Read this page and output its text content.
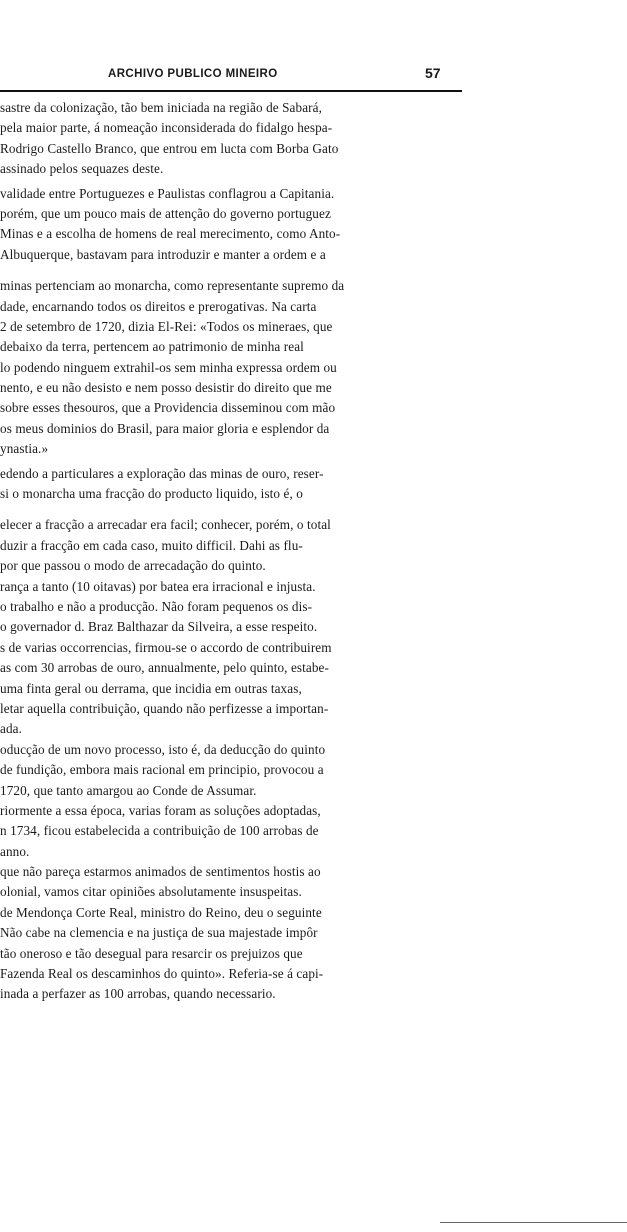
ARCHIVO PUBLICO MINEIRO	57
sastre da colonização, tão bem iniciada na região de Sabará,
pela maior parte, á nomeação inconsiderada do fidalgo hespa-
Rodrigo Castello Branco, que entrou em lucta com Borba Gato
assinado pelos sequazes deste.
validade entre Portuguezes e Paulistas conflagrou a Capitania.
porém, que um pouco mais de attenção do governo portuguez
Minas e a escolha de homens de real merecimento, como Anto-
Albuquerque, bastavam para introduzir e manter a ordem e a
minas pertenciam ao monarcha, como representante supremo da
dade, encarnando todos os direitos e prerogativas. Na carta
2 de setembro de 1720, dizia El-Rei: «Todos os mineraes, que
debaixo da terra, pertencem ao patrimonio de minha real
lo podendo ninguem extrahil-os sem minha expressa ordem ou
nento, e eu não desisto e nem posso desistir do direito que me
sobre esses thesouros, que a Providencia disseminou com mão
os meus dominios do Brasil, para maior gloria e esplendor da
ynastia.»
edendo a particulares a exploração das minas de ouro, reser-
si o monarcha uma fracção do producto liquido, isto é, o
elecer a fracção a arrecadar era facil; conhecer, porém, o total
duzir a fracção em cada caso, muito difficil. Dahi as flu-
por que passou o modo de arrecadação do quinto.
rança a tanto (10 oitavas) por batea era irracional e injusta.
o trabalho e não a producção. Não foram pequenos os dis-
o governador d. Braz Balthazar da Silveira, a esse respeito.
s de varias occorrencias, firmou-se o accordo de contribuirem
as com 30 arrobas de ouro, annualmente, pelo quinto, estabe-
uma finta geral ou derrama, que incidia em outras taxas,
letar aquella contribuição, quando não perfizesse a importan-
ada.
oducção de um novo processo, isto é, da deducção do quinto
de fundição, embora mais racional em principio, provocou a
1720, que tanto amargou ao Conde de Assumar.
riormente a essa época, varias foram as soluções adoptadas,
n 1734, ficou estabelecida a contribuição de 100 arrobas de
anno.
que não pareça estarmos animados de sentimentos hostis ao
olonial, vamos citar opiniões absolutamente insuspeitas.
de Mendonça Corte Real, ministro do Reino, deu o seguinte
Não cabe na clemencia e na justiça de sua majestade impôr
tão oneroso e tão desegual para resarcir os prejuizos que
Fazenda Real os descaminhos do quinto». Referia-se á capi-
inada a perfazer as 100 arrobas, quando necessario.
